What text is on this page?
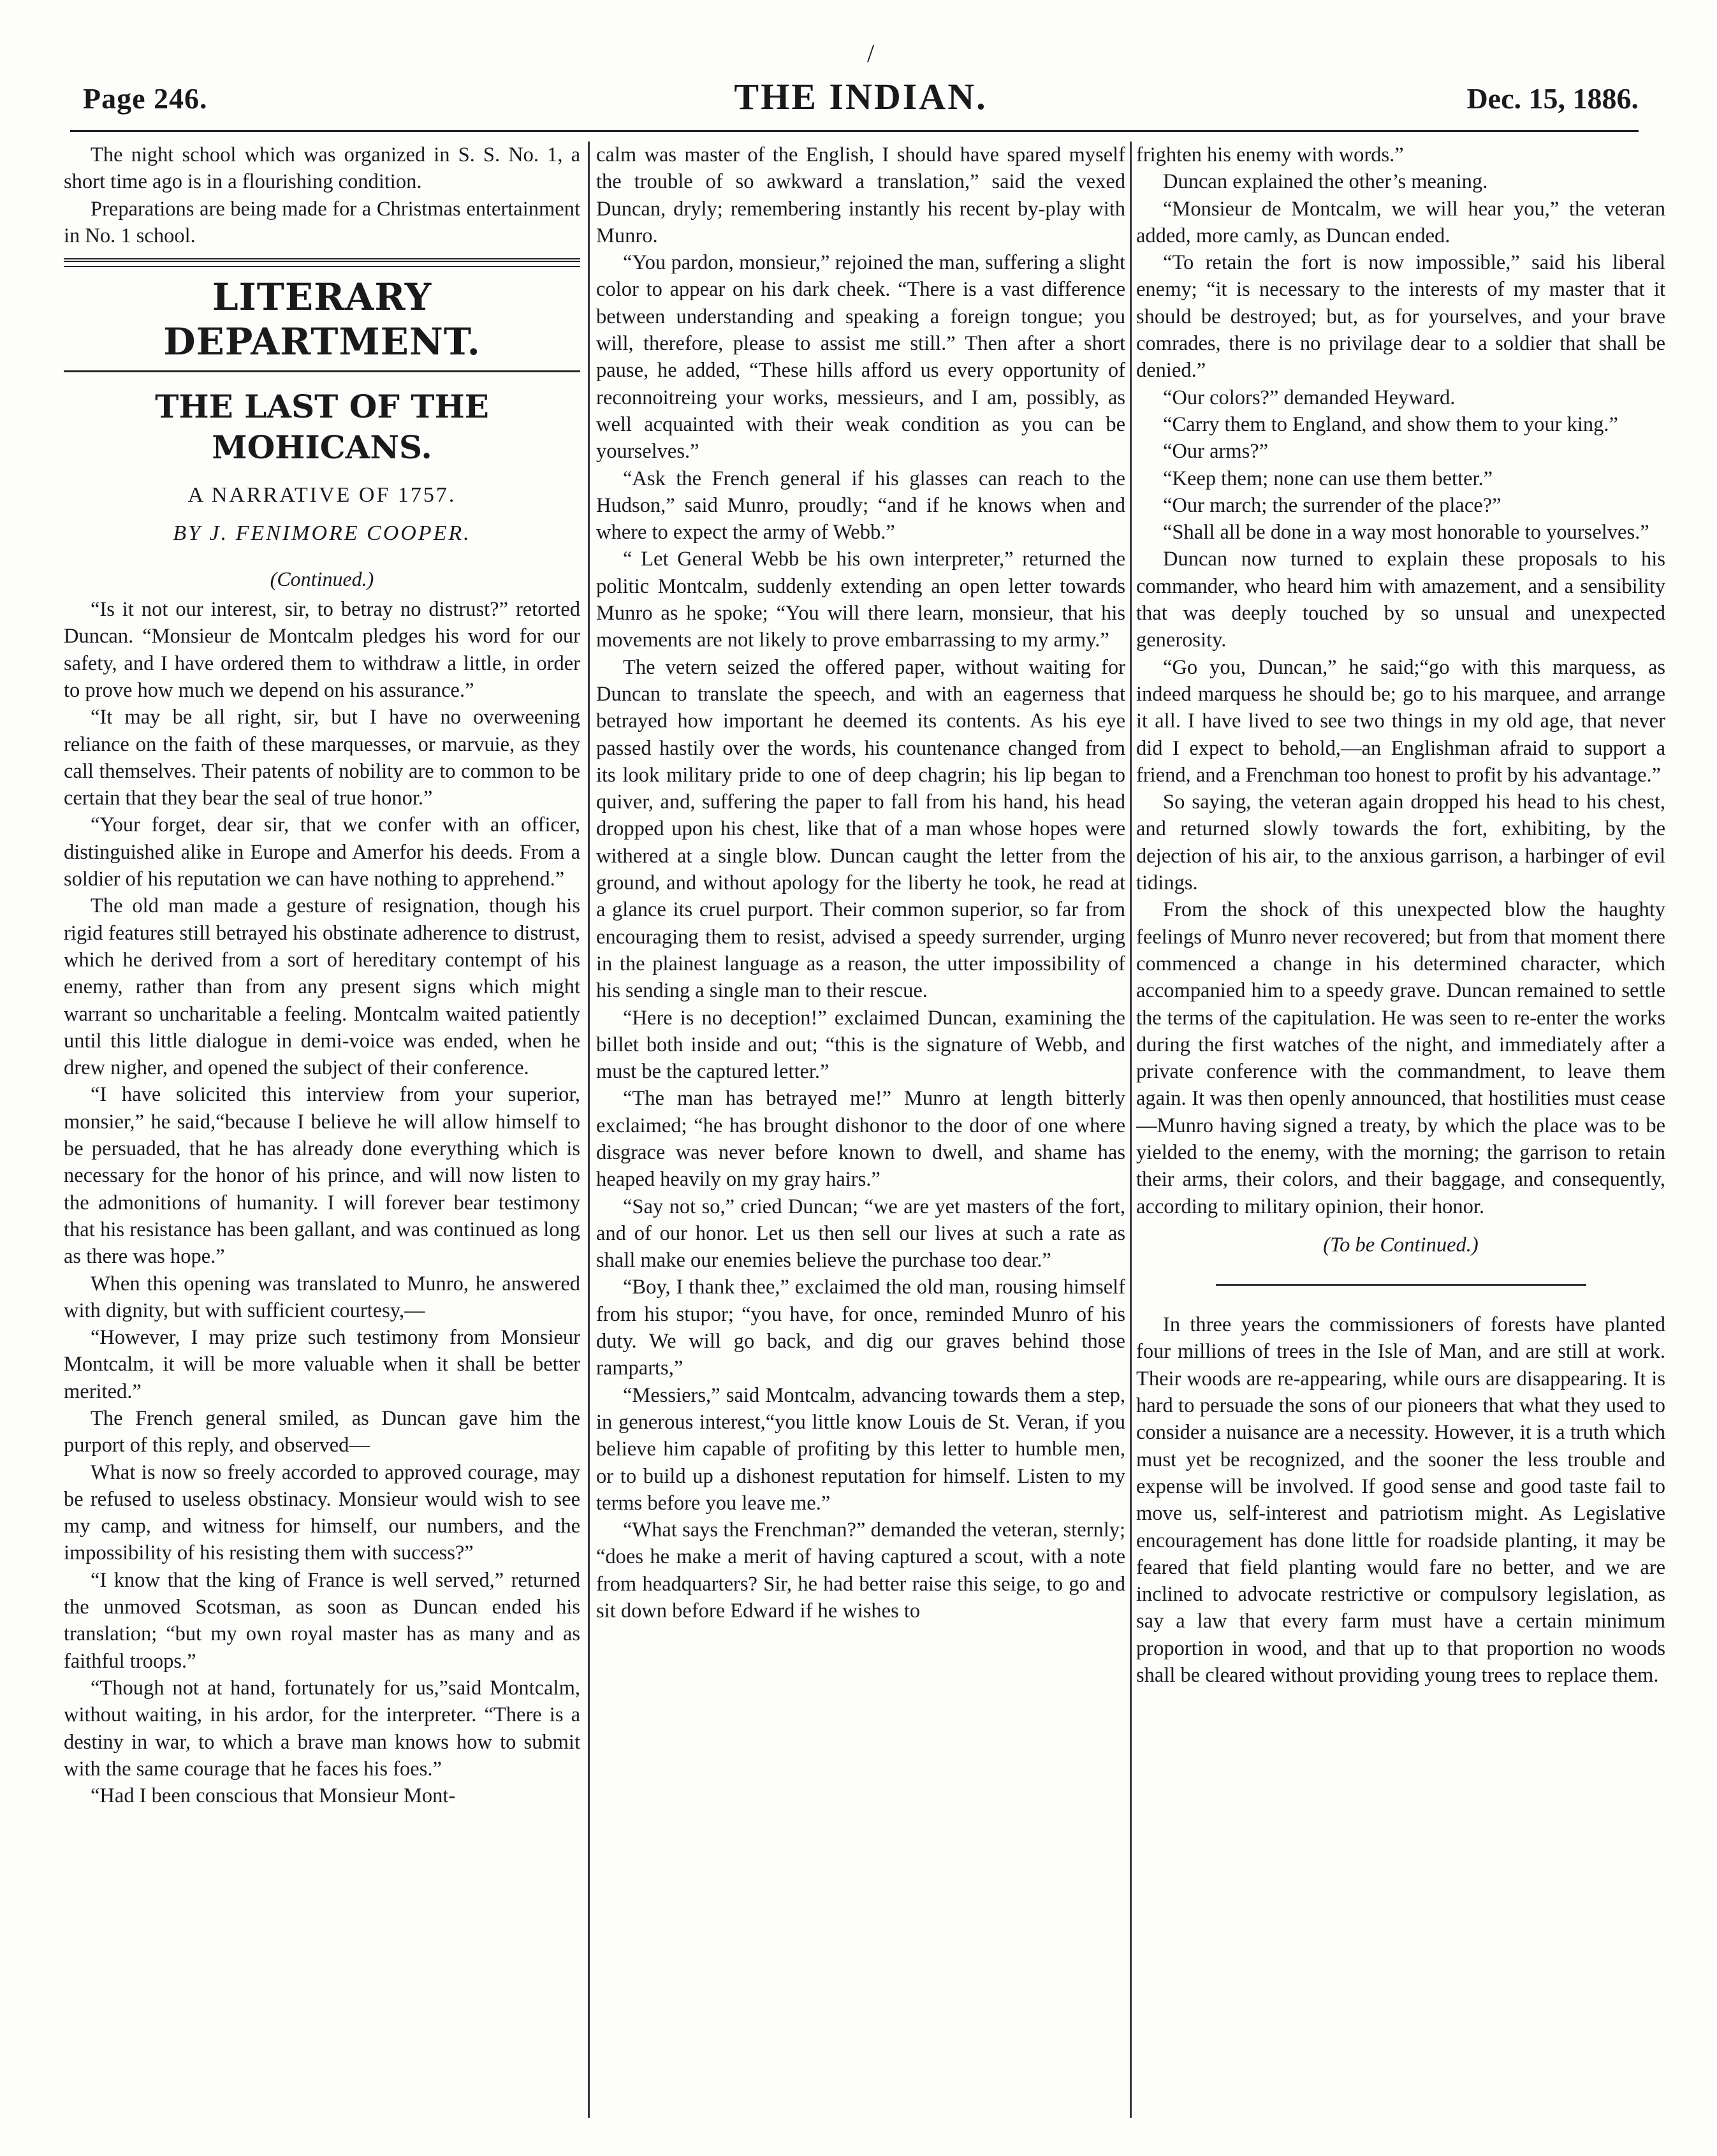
/
Page 246.	THE INDIAN.	Dec. 15, 1886.

The night school which was organized in S. S. No. 1, a short time ago is in a flourishing condition.

Preparations are being made for a Christmas entertainment in No. 1 school.

LITERARY DEPARTMENT.
THE LAST OF THE MOHICANS.
A NARRATIVE OF 1757.
BY J. FENIMORE COOPER.
(Continued.)

“Is it not our interest, sir, to betray no distrust?” retorted Duncan. “Monsieur de Montcalm pledges his word for our safety, and I have ordered them to withdraw a little, in order to prove how much we depend on his assurance.”

“It may be all right, sir, but I have no overweening reliance on the faith of these marquesses, or marvuie, as they call themselves. Their patents of nobility are to common to be certain that they bear the seal of true honor.”

“Your forget, dear sir, that we confer with an officer, distinguished alike in Europe and Amerfor his deeds. From a soldier of his reputation we can have nothing to apprehend.”

The old man made a gesture of resignation, though his rigid features still betrayed his obstinate adherence to distrust, which he derived from a sort of hereditary contempt of his enemy, rather than from any present signs which might warrant so uncharitable a feeling. Montcalm waited patiently until this little dialogue in demi-voice was ended, when he drew nigher, and opened the subject of their conference.

“I have solicited this interview from your superior, monsier,” he said,“because I believe he will allow himself to be persuaded, that he has already done everything which is necessary for the honor of his prince, and will now listen to the admonitions of humanity. I will forever bear testimony that his resistance has been gallant, and was continued as long as there was hope.”

When this opening was translated to Munro, he answered with dignity, but with sufficient courtesy,—

“However, I may prize such testimony from Monsieur Montcalm, it will be more valuable when it shall be better merited.”

The French general smiled, as Duncan gave him the purport of this reply, and observed—

What is now so freely accorded to approved courage, may be refused to useless obstinacy. Monsieur would wish to see my camp, and witness for himself, our numbers, and the impossibility of his resisting them with success?”

“I know that the king of France is well served,” returned the unmoved Scotsman, as soon as Duncan ended his translation; “but my own royal master has as many and as faithful troops.”

“Though not at hand, fortunately for us,”said Montcalm, without waiting, in his ardor, for the interpreter. “There is a destiny in war, to which a brave man knows how to submit with the same courage that he faces his foes.”

“Had I been conscious that Monsieur Mont-

calm was master of the English, I should have spared myself the trouble of so awkward a translation,” said the vexed Duncan, dryly; remembering instantly his recent by-play with Munro.

“You pardon, monsieur,” rejoined the man, suffering a slight color to appear on his dark cheek. “There is a vast difference between understanding and speaking a foreign tongue; you will, therefore, please to assist me still.” Then after a short pause, he added, “These hills afford us every opportunity of reconnoitreing your works, messieurs, and I am, possibly, as well acquainted with their weak condition as you can be yourselves.”

“Ask the French general if his glasses can reach to the Hudson,” said Munro, proudly; “and if he knows when and where to expect the army of Webb.”

“ Let General Webb be his own interpreter,” returned the politic Montcalm, suddenly extending an open letter towards Munro as he spoke; “You will there learn, monsieur, that his movements are not likely to prove embarrassing to my army.”

The vetern seized the offered paper, without waiting for Duncan to translate the speech, and with an eagerness that betrayed how important he deemed its contents. As his eye passed hastily over the words, his countenance changed from its look military pride to one of deep chagrin; his lip began to quiver, and, suffering the paper to fall from his hand, his head dropped upon his chest, like that of a man whose hopes were withered at a single blow. Duncan caught the letter from the ground, and without apology for the liberty he took, he read at a glance its cruel purport. Their common superior, so far from encouraging them to resist, advised a speedy surrender, urging in the plainest language as a reason, the utter impossibility of his sending a single man to their rescue.

“Here is no deception!” exclaimed Duncan, examining the billet both inside and out; “this is the signature of Webb, and must be the captured letter.”

“The man has betrayed me!” Munro at length bitterly exclaimed; “he has brought dishonor to the door of one where disgrace was never before known to dwell, and shame has heaped heavily on my gray hairs.”

“Say not so,” cried Duncan; “we are yet masters of the fort, and of our honor. Let us then sell our lives at such a rate as shall make our enemies believe the purchase too dear.”

“Boy, I thank thee,” exclaimed the old man, rousing himself from his stupor; “you have, for once, reminded Munro of his duty. We will go back, and dig our graves behind those ramparts,”

“Messiers,” said Montcalm, advancing towards them a step, in generous interest,“you little know Louis de St. Veran, if you believe him capable of profiting by this letter to humble men, or to build up a dishonest reputation for himself. Listen to my terms before you leave me.”

“What says the Frenchman?” demanded the veteran, sternly; “does he make a merit of having captured a scout, with a note from headquarters? Sir, he had better raise this seige, to go and sit down before Edward if he wishes to

frighten his enemy with words.”

Duncan explained the other’s meaning.

“Monsieur de Montcalm, we will hear you,” the veteran added, more camly, as Duncan ended.

“To retain the fort is now impossible,” said his liberal enemy; “it is necessary to the interests of my master that it should be destroyed; but, as for yourselves, and your brave comrades, there is no privilage dear to a soldier that shall be denied.”

“Our colors?” demanded Heyward.

“Carry them to England, and show them to your king.”

“Our arms?”

“Keep them; none can use them better.”

“Our march; the surrender of the place?”

“Shall all be done in a way most honorable to yourselves.”

Duncan now turned to explain these proposals to his commander, who heard him with amazement, and a sensibility that was deeply touched by so unsual and unexpected generosity.

“Go you, Duncan,” he said;“go with this marquess, as indeed marquess he should be; go to his marquee, and arrange it all. I have lived to see two things in my old age, that never did I expect to behold,—an Englishman afraid to support a friend, and a Frenchman too honest to profit by his advantage.”

So saying, the veteran again dropped his head to his chest, and returned slowly towards the fort, exhibiting, by the dejection of his air, to the anxious garrison, a harbinger of evil tidings.

From the shock of this unexpected blow the haughty feelings of Munro never recovered; but from that moment there commenced a change in his determined character, which accompanied him to a speedy grave. Duncan remained to settle the terms of the capitulation. He was seen to re-enter the works during the first watches of the night, and immediately after a private conference with the commandment, to leave them again. It was then openly announced, that hostilities must cease—Munro having signed a treaty, by which the place was to be yielded to the enemy, with the morning; the garrison to retain their arms, their colors, and their baggage, and consequently, according to military opinion, their honor.

(To be Continued.)

In three years the commissioners of forests have planted four millions of trees in the Isle of Man, and are still at work. Their woods are re-appearing, while ours are disappearing. It is hard to persuade the sons of our pioneers that what they used to consider a nuisance are a necessity. However, it is a truth which must yet be recognized, and the sooner the less trouble and expense will be involved. If good sense and good taste fail to move us, self-interest and patriotism might. As Legislative encouragement has done little for roadside planting, it may be feared that field planting would fare no better, and we are inclined to advocate restrictive or compulsory legislation, as say a law that every farm must have a certain minimum proportion in wood, and that up to that proportion no woods shall be cleared without providing young trees to replace them.
